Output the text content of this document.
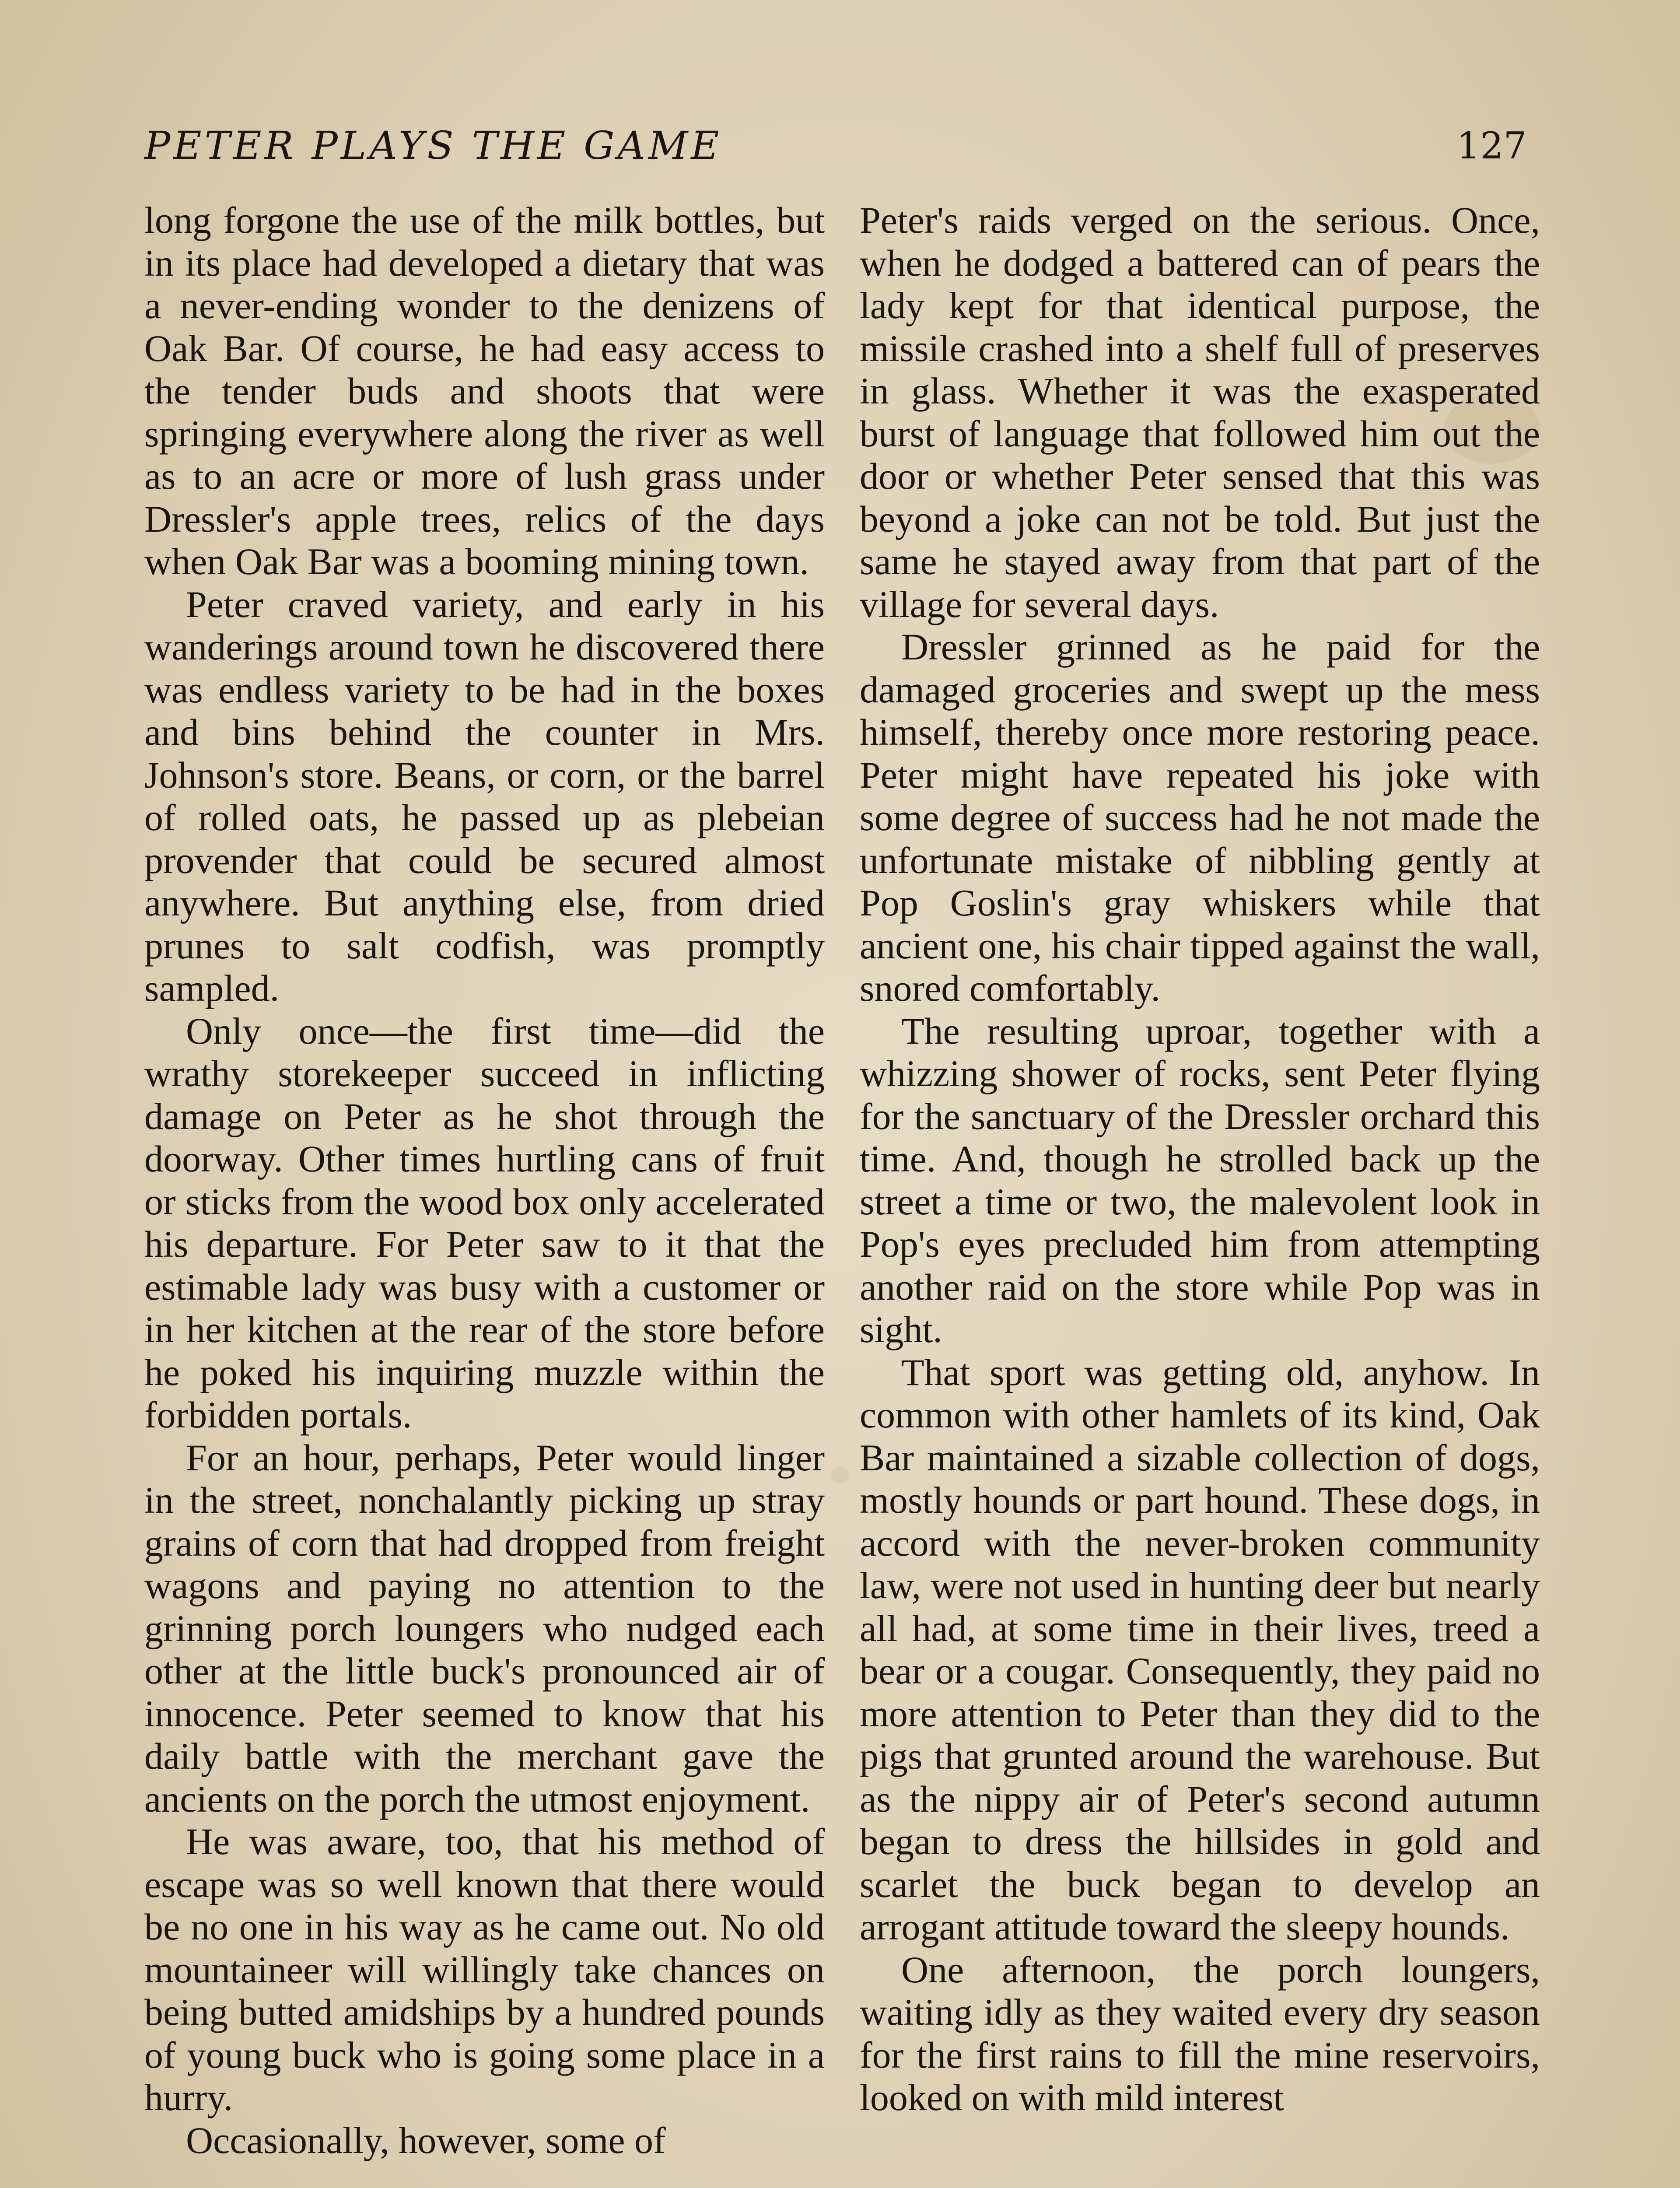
PETER PLAYS THE GAME	127

long forgone the use of the milk bottles, but in its place had developed a dietary that was a never-ending wonder to the denizens of Oak Bar. Of course, he had easy access to the tender buds and shoots that were springing everywhere along the river as well as to an acre or more of lush grass under Dressler's apple trees, relics of the days when Oak Bar was a booming mining town.

Peter craved variety, and early in his wanderings around town he discovered there was endless variety to be had in the boxes and bins behind the counter in Mrs. Johnson's store. Beans, or corn, or the barrel of rolled oats, he passed up as plebeian provender that could be secured almost anywhere. But anything else, from dried prunes to salt codfish, was promptly sampled.

Only once—the first time—did the wrathy storekeeper succeed in inflicting damage on Peter as he shot through the doorway. Other times hurtling cans of fruit or sticks from the wood box only accelerated his departure. For Peter saw to it that the estimable lady was busy with a customer or in her kitchen at the rear of the store before he poked his inquiring muzzle within the forbidden portals.

For an hour, perhaps, Peter would linger in the street, nonchalantly picking up stray grains of corn that had dropped from freight wagons and paying no attention to the grinning porch loungers who nudged each other at the little buck's pronounced air of innocence. Peter seemed to know that his daily battle with the merchant gave the ancients on the porch the utmost enjoyment.

He was aware, too, that his method of escape was so well known that there would be no one in his way as he came out. No old mountaineer will willingly take chances on being butted amidships by a hundred pounds of young buck who is going some place in a hurry.

Occasionally, however, some of

Peter's raids verged on the serious. Once, when he dodged a battered can of pears the lady kept for that identical purpose, the missile crashed into a shelf full of preserves in glass. Whether it was the exasperated burst of language that followed him out the door or whether Peter sensed that this was beyond a joke can not be told. But just the same he stayed away from that part of the village for several days.

Dressler grinned as he paid for the damaged groceries and swept up the mess himself, thereby once more restoring peace. Peter might have repeated his joke with some degree of success had he not made the unfortunate mistake of nibbling gently at Pop Goslin's gray whiskers while that ancient one, his chair tipped against the wall, snored comfortably.

The resulting uproar, together with a whizzing shower of rocks, sent Peter flying for the sanctuary of the Dressler orchard this time. And, though he strolled back up the street a time or two, the malevolent look in Pop's eyes precluded him from attempting another raid on the store while Pop was in sight.

That sport was getting old, anyhow. In common with other hamlets of its kind, Oak Bar maintained a sizable collection of dogs, mostly hounds or part hound. These dogs, in accord with the never-broken community law, were not used in hunting deer but nearly all had, at some time in their lives, treed a bear or a cougar. Consequently, they paid no more attention to Peter than they did to the pigs that grunted around the warehouse. But as the nippy air of Peter's second autumn began to dress the hillsides in gold and scarlet the buck began to develop an arrogant attitude toward the sleepy hounds.

One afternoon, the porch loungers, waiting idly as they waited every dry season for the first rains to fill the mine reservoirs, looked on with mild interest
